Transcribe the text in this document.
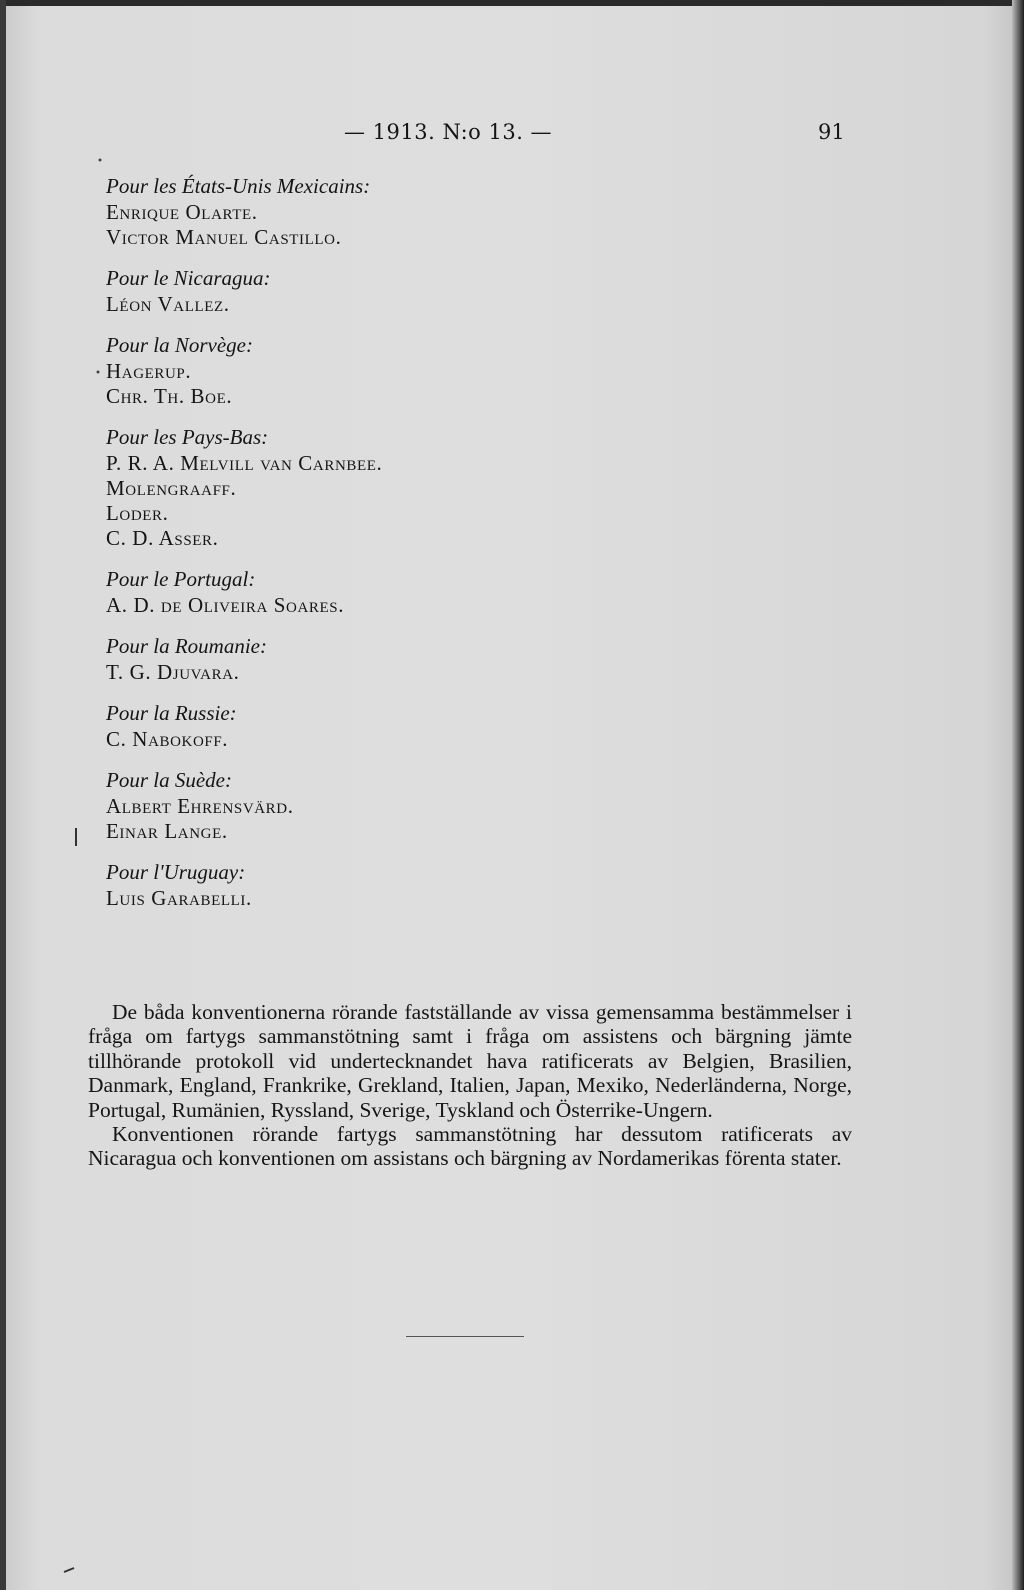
— 1913. N:o 13. —	91
Pour les États-Unis Mexicains:
Enrique Olarte.
Victor Manuel Castillo.
Pour le Nicaragua:
Léon Vallez.
Pour la Norvège:
Hagerup.
Chr. Th. Boe.
Pour les Pays-Bas:
P. R. A. Melvill van Carnbee.
Molengraaff.
Loder.
C. D. Asser.
Pour le Portugal:
A. D. de Oliveira Soares.
Pour la Roumanie:
T. G. Djuvara.
Pour la Russie:
C. Nabokoff.
Pour la Suède:
Albert Ehrensvärd.
Einar Lange.
Pour l'Uruguay:
Luis Garabelli.

De båda konventionerna rörande fastställande av vissa gemensamma bestämmelser i fråga om fartygs sammanstötning samt i fråga om assistens och bärgning jämte tillhörande protokoll vid undertecknandet hava ratificerats av Belgien, Brasilien, Danmark, England, Frankrike, Grekland, Italien, Japan, Mexiko, Nederländerna, Norge, Portugal, Rumänien, Ryssland, Sverige, Tyskland och Österrike-Ungern.

Konventionen rörande fartygs sammanstötning har dessutom ratificerats av Nicaragua och konventionen om assistans och bärgning av Nordamerikas förenta stater.
